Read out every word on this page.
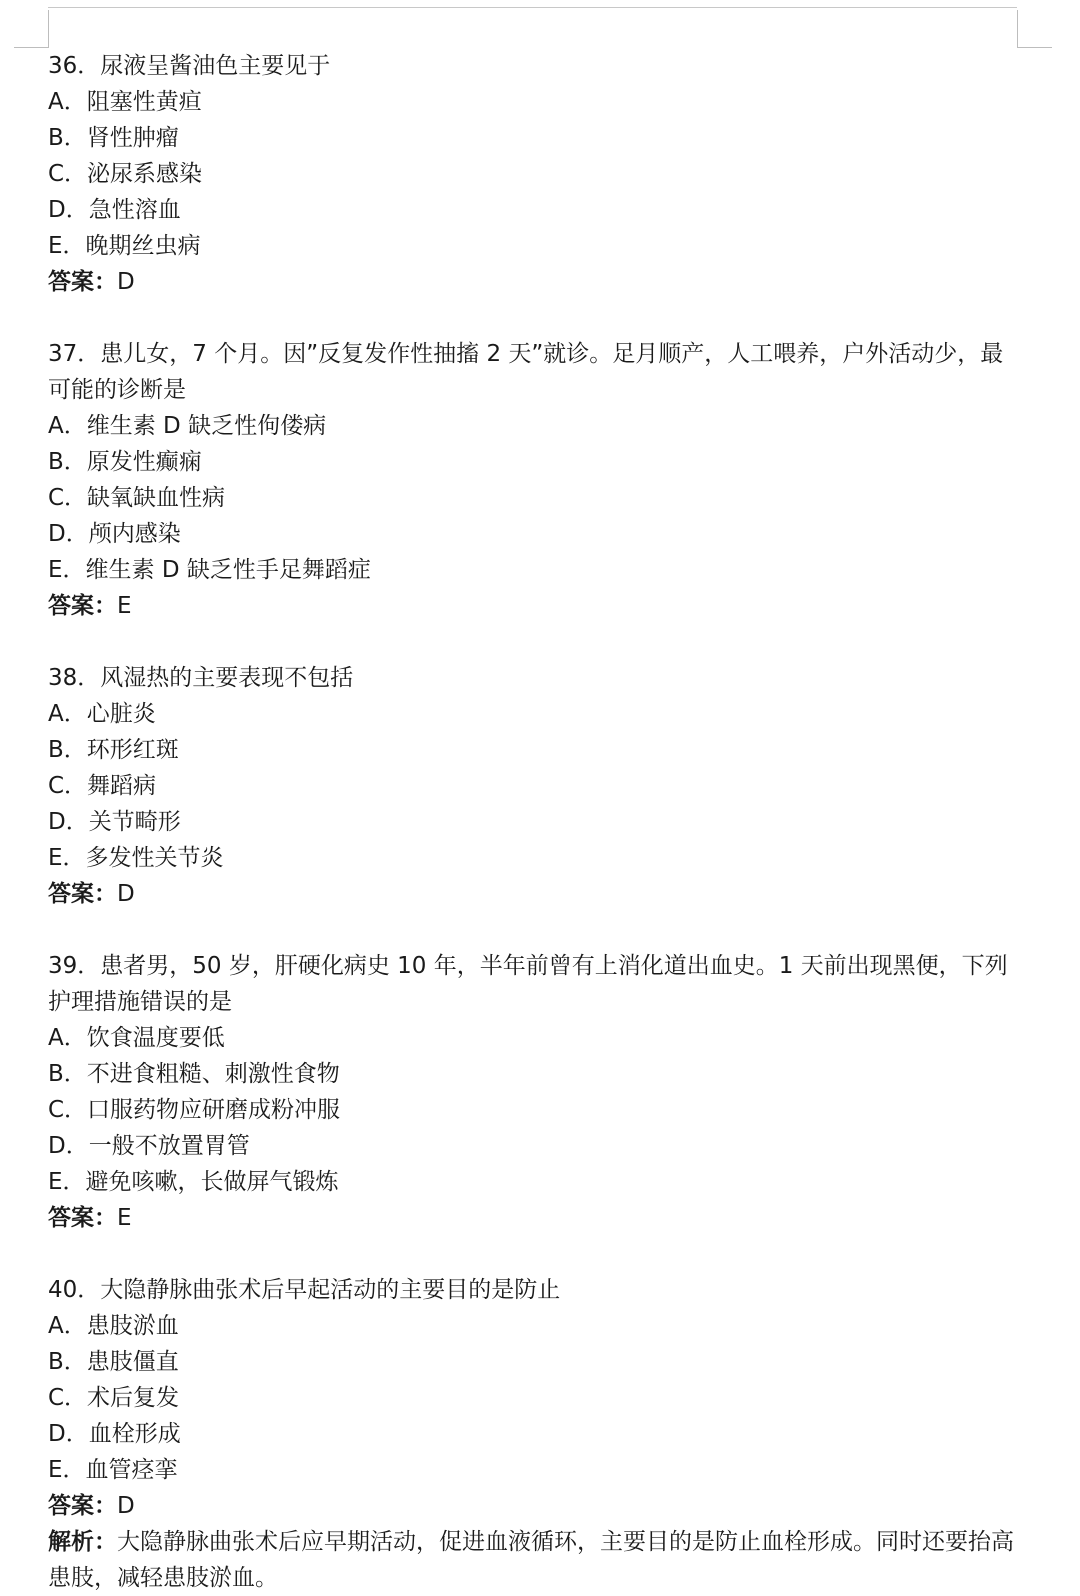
36．尿液呈酱油色主要见于

A．阻塞性黄疸

B．肾性肿瘤

C．泌尿系感染

D．急性溶血

E．晚期丝虫病

答案：D

37．患儿女，7 个月。因”反复发作性抽搐 2 天”就诊。足月顺产，人工喂养，户外活动少，最可能的诊断是

A．维生素 D 缺乏性佝偻病

B．原发性癫痫

C．缺氧缺血性病

D．颅内感染

E．维生素 D 缺乏性手足舞蹈症

答案：E

38．风湿热的主要表现不包括

A．心脏炎

B．环形红斑

C．舞蹈病

D．关节畸形

E．多发性关节炎

答案：D

39．患者男，50 岁，肝硬化病史 10 年，半年前曾有上消化道出血史。1 天前出现黑便，下列护理措施错误的是

A．饮食温度要低

B．不进食粗糙、刺激性食物

C．口服药物应研磨成粉冲服

D．一般不放置胃管

E．避免咳嗽，长做屏气锻炼

答案：E

40．大隐静脉曲张术后早起活动的主要目的是防止

A．患肢淤血

B．患肢僵直

C．术后复发

D．血栓形成

E．血管痉挛

答案：D

解析：大隐静脉曲张术后应早期活动，促进血液循环，主要目的是防止血栓形成。同时还要抬高患肢，减轻患肢淤血。
